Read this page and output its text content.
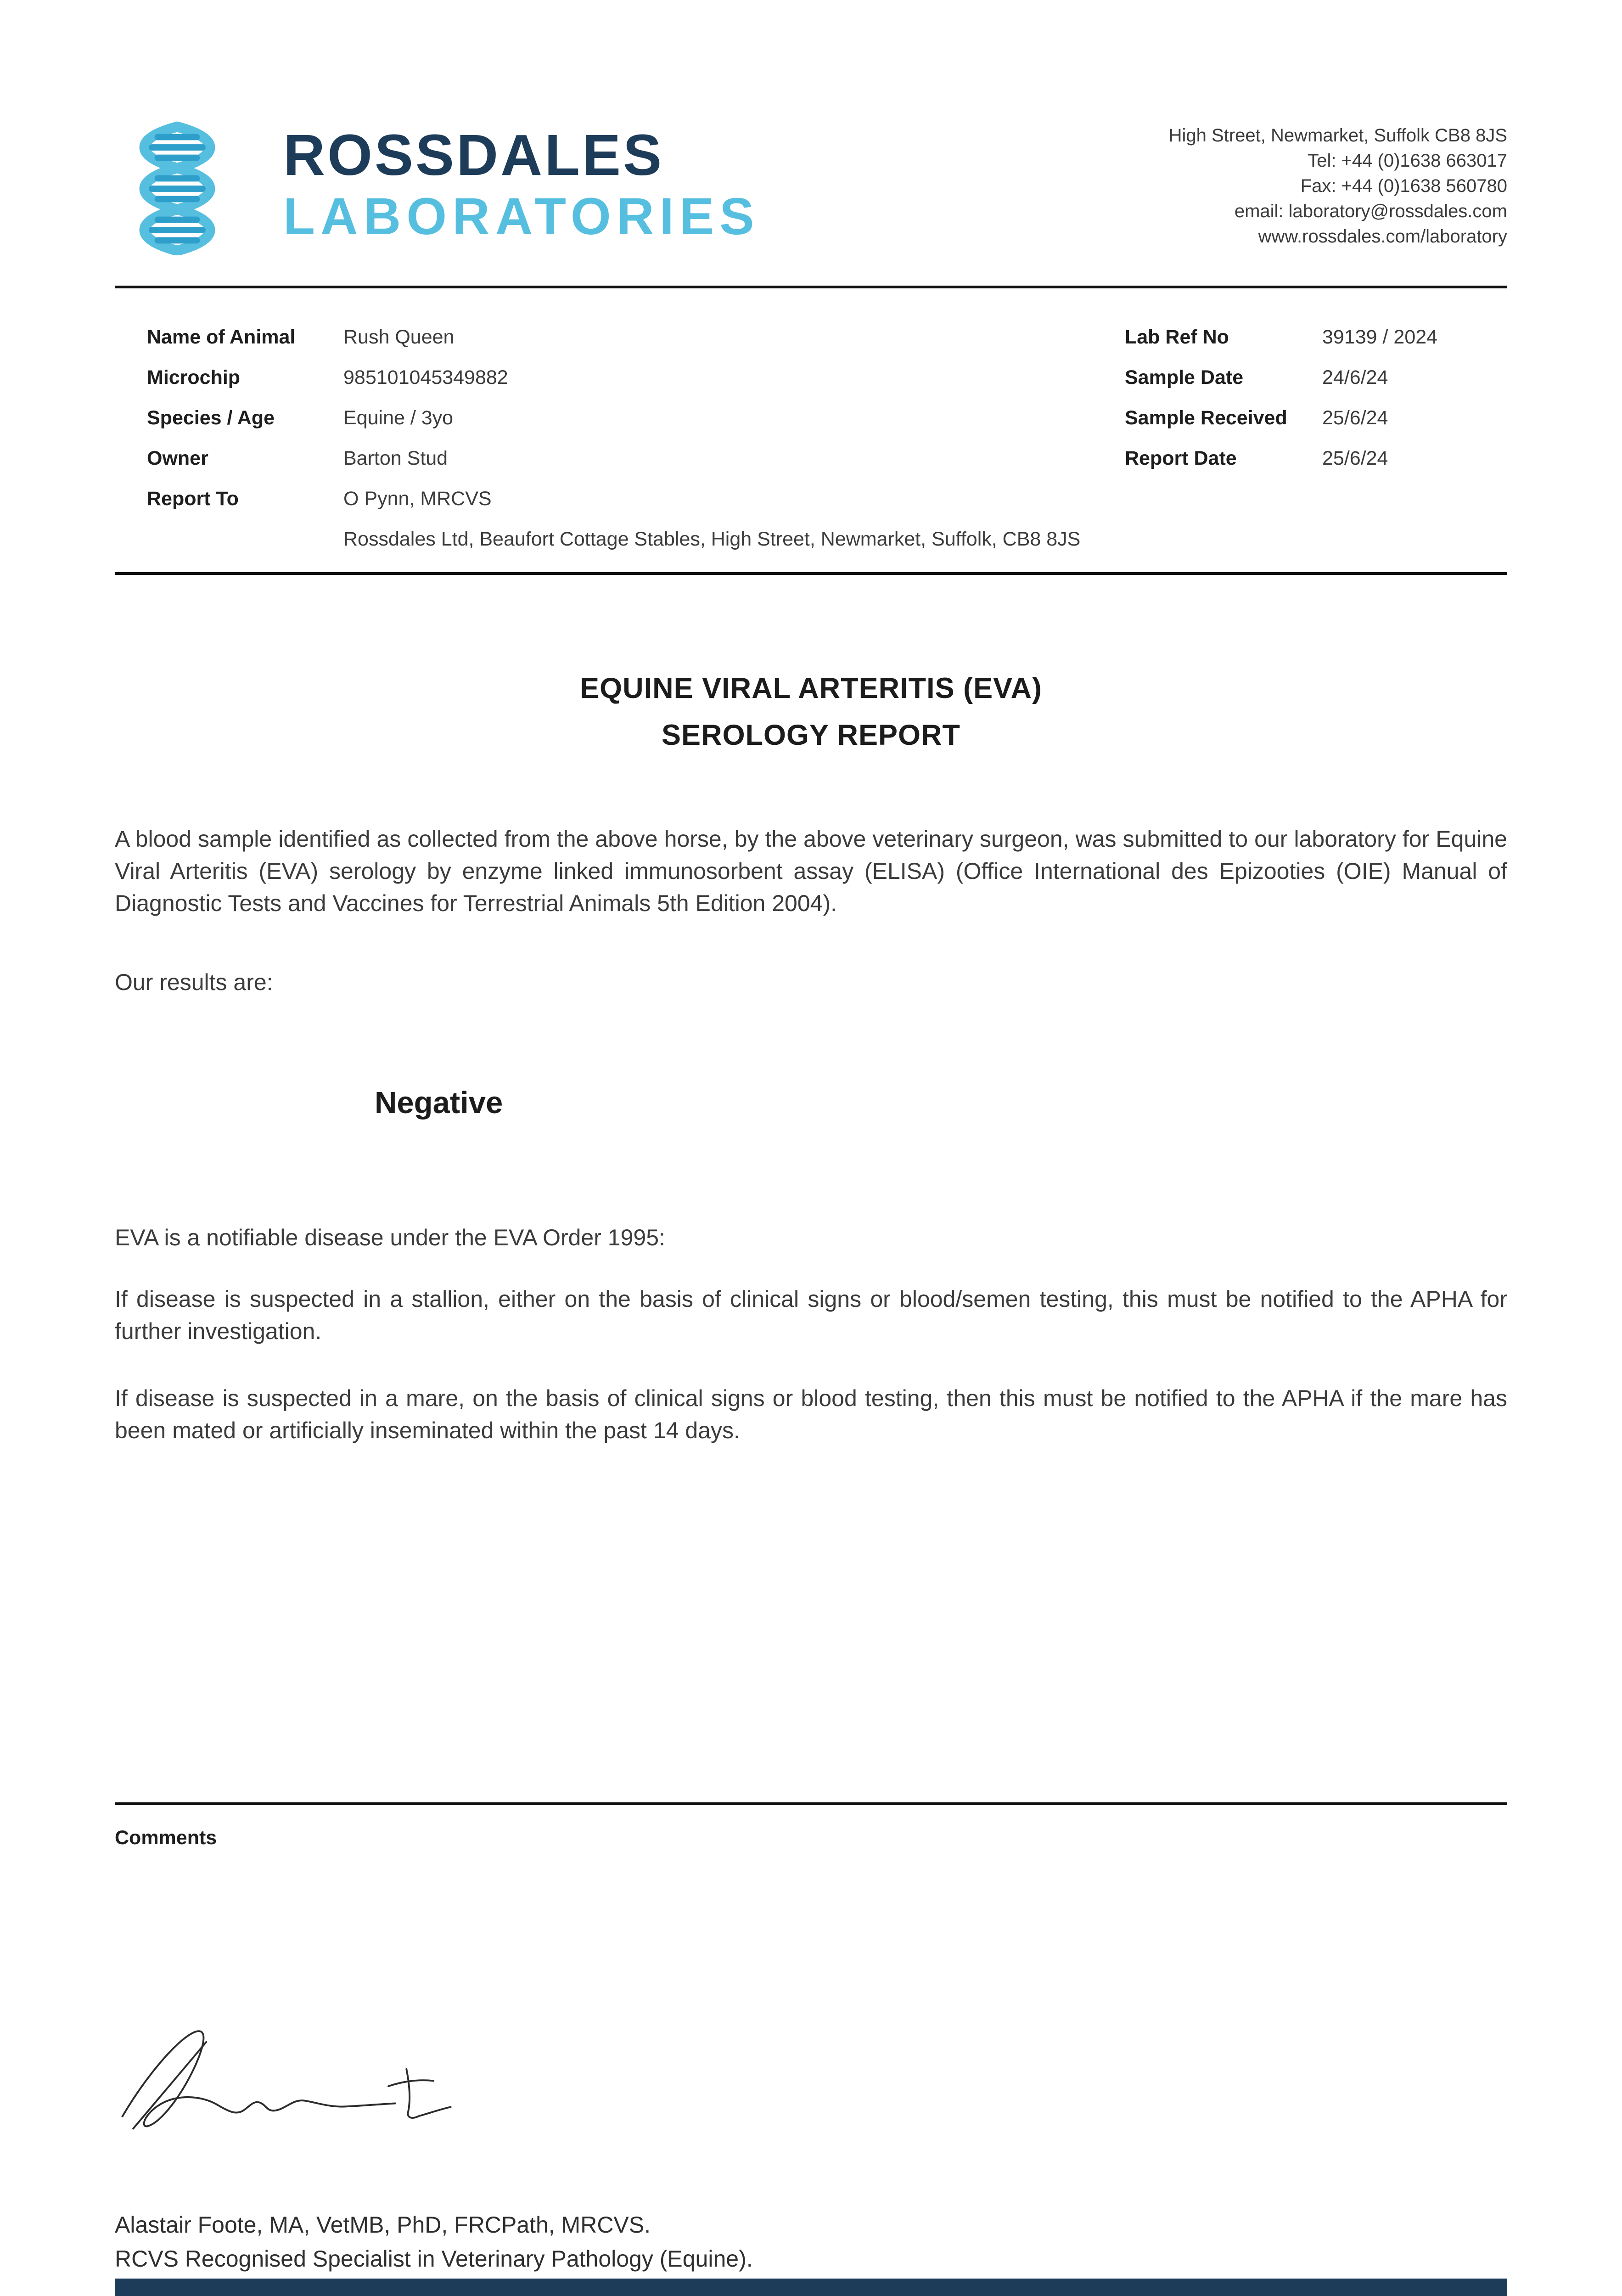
ROSSDALES
LABORATORIES
High Street, Newmarket, Suffolk CB8 8JS
Tel: +44 (0)1638 663017
Fax: +44 (0)1638 560780
email: laboratory@rossdales.com
www.rossdales.com/laboratory
Name of Animal	Rush Queen
Microchip	985101045349882
Species / Age	Equine / 3yo
Owner	Barton Stud
Report To	O Pynn, MRCVS
Rossdales Ltd, Beaufort Cottage Stables, High Street, Newmarket, Suffolk, CB8 8JS
Lab Ref No	39139 / 2024
Sample Date	24/6/24
Sample Received	25/6/24
Report Date	25/6/24
EQUINE VIRAL ARTERITIS (EVA)
SEROLOGY REPORT

A blood sample identified as collected from the above horse, by the above veterinary surgeon, was submitted to our laboratory for Equine Viral Arteritis (EVA) serology by enzyme linked immunosorbent assay (ELISA) (Office International des Epizooties (OIE) Manual of Diagnostic Tests and Vaccines for Terrestrial Animals 5th Edition 2004).

Our results are:

Negative

EVA is a notifiable disease under the EVA Order 1995:

If disease is suspected in a stallion, either on the basis of clinical signs or blood/semen testing, this must be notified to the APHA for further investigation.

If disease is suspected in a mare, on the basis of clinical signs or blood testing, then this must be notified to the APHA if the mare has been mated or artificially inseminated within the past 14 days.

Comments
Alastair Foote, MA, VetMB, PhD, FRCPath, MRCVS.
RCVS Recognised Specialist in Veterinary Pathology (Equine).
